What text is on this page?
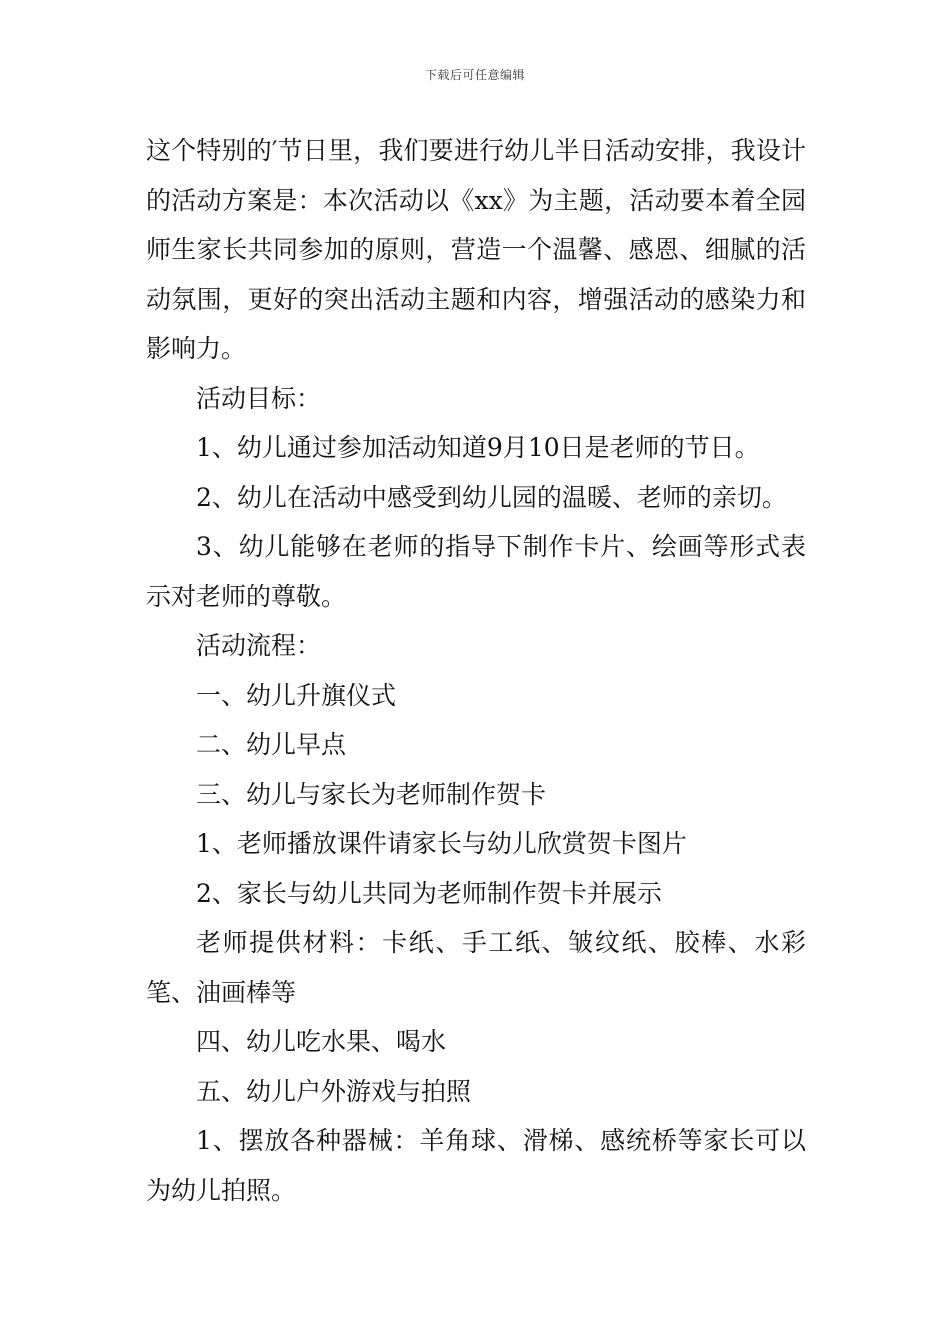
下载后可任意编辑

这个特别的′节日里，我们要进行幼儿半日活动安排，我设计的活动方案是：本次活动以《xx》为主题，活动要本着全园师生家长共同参加的原则，营造一个温馨、感恩、细腻的活动氛围，更好的突出活动主题和内容，增强活动的感染力和影响力。

活动目标：

1、幼儿通过参加活动知道9月10日是老师的节日。

2、幼儿在活动中感受到幼儿园的温暖、老师的亲切。

3、幼儿能够在老师的指导下制作卡片、绘画等形式表示对老师的尊敬。

活动流程：

一、幼儿升旗仪式

二、幼儿早点

三、幼儿与家长为老师制作贺卡

1、老师播放课件请家长与幼儿欣赏贺卡图片

2、家长与幼儿共同为老师制作贺卡并展示

老师提供材料：卡纸、手工纸、皱纹纸、胶棒、水彩笔、油画棒等

四、幼儿吃水果、喝水

五、幼儿户外游戏与拍照

1、摆放各种器械：羊角球、滑梯、感统桥等家长可以为幼儿拍照。
